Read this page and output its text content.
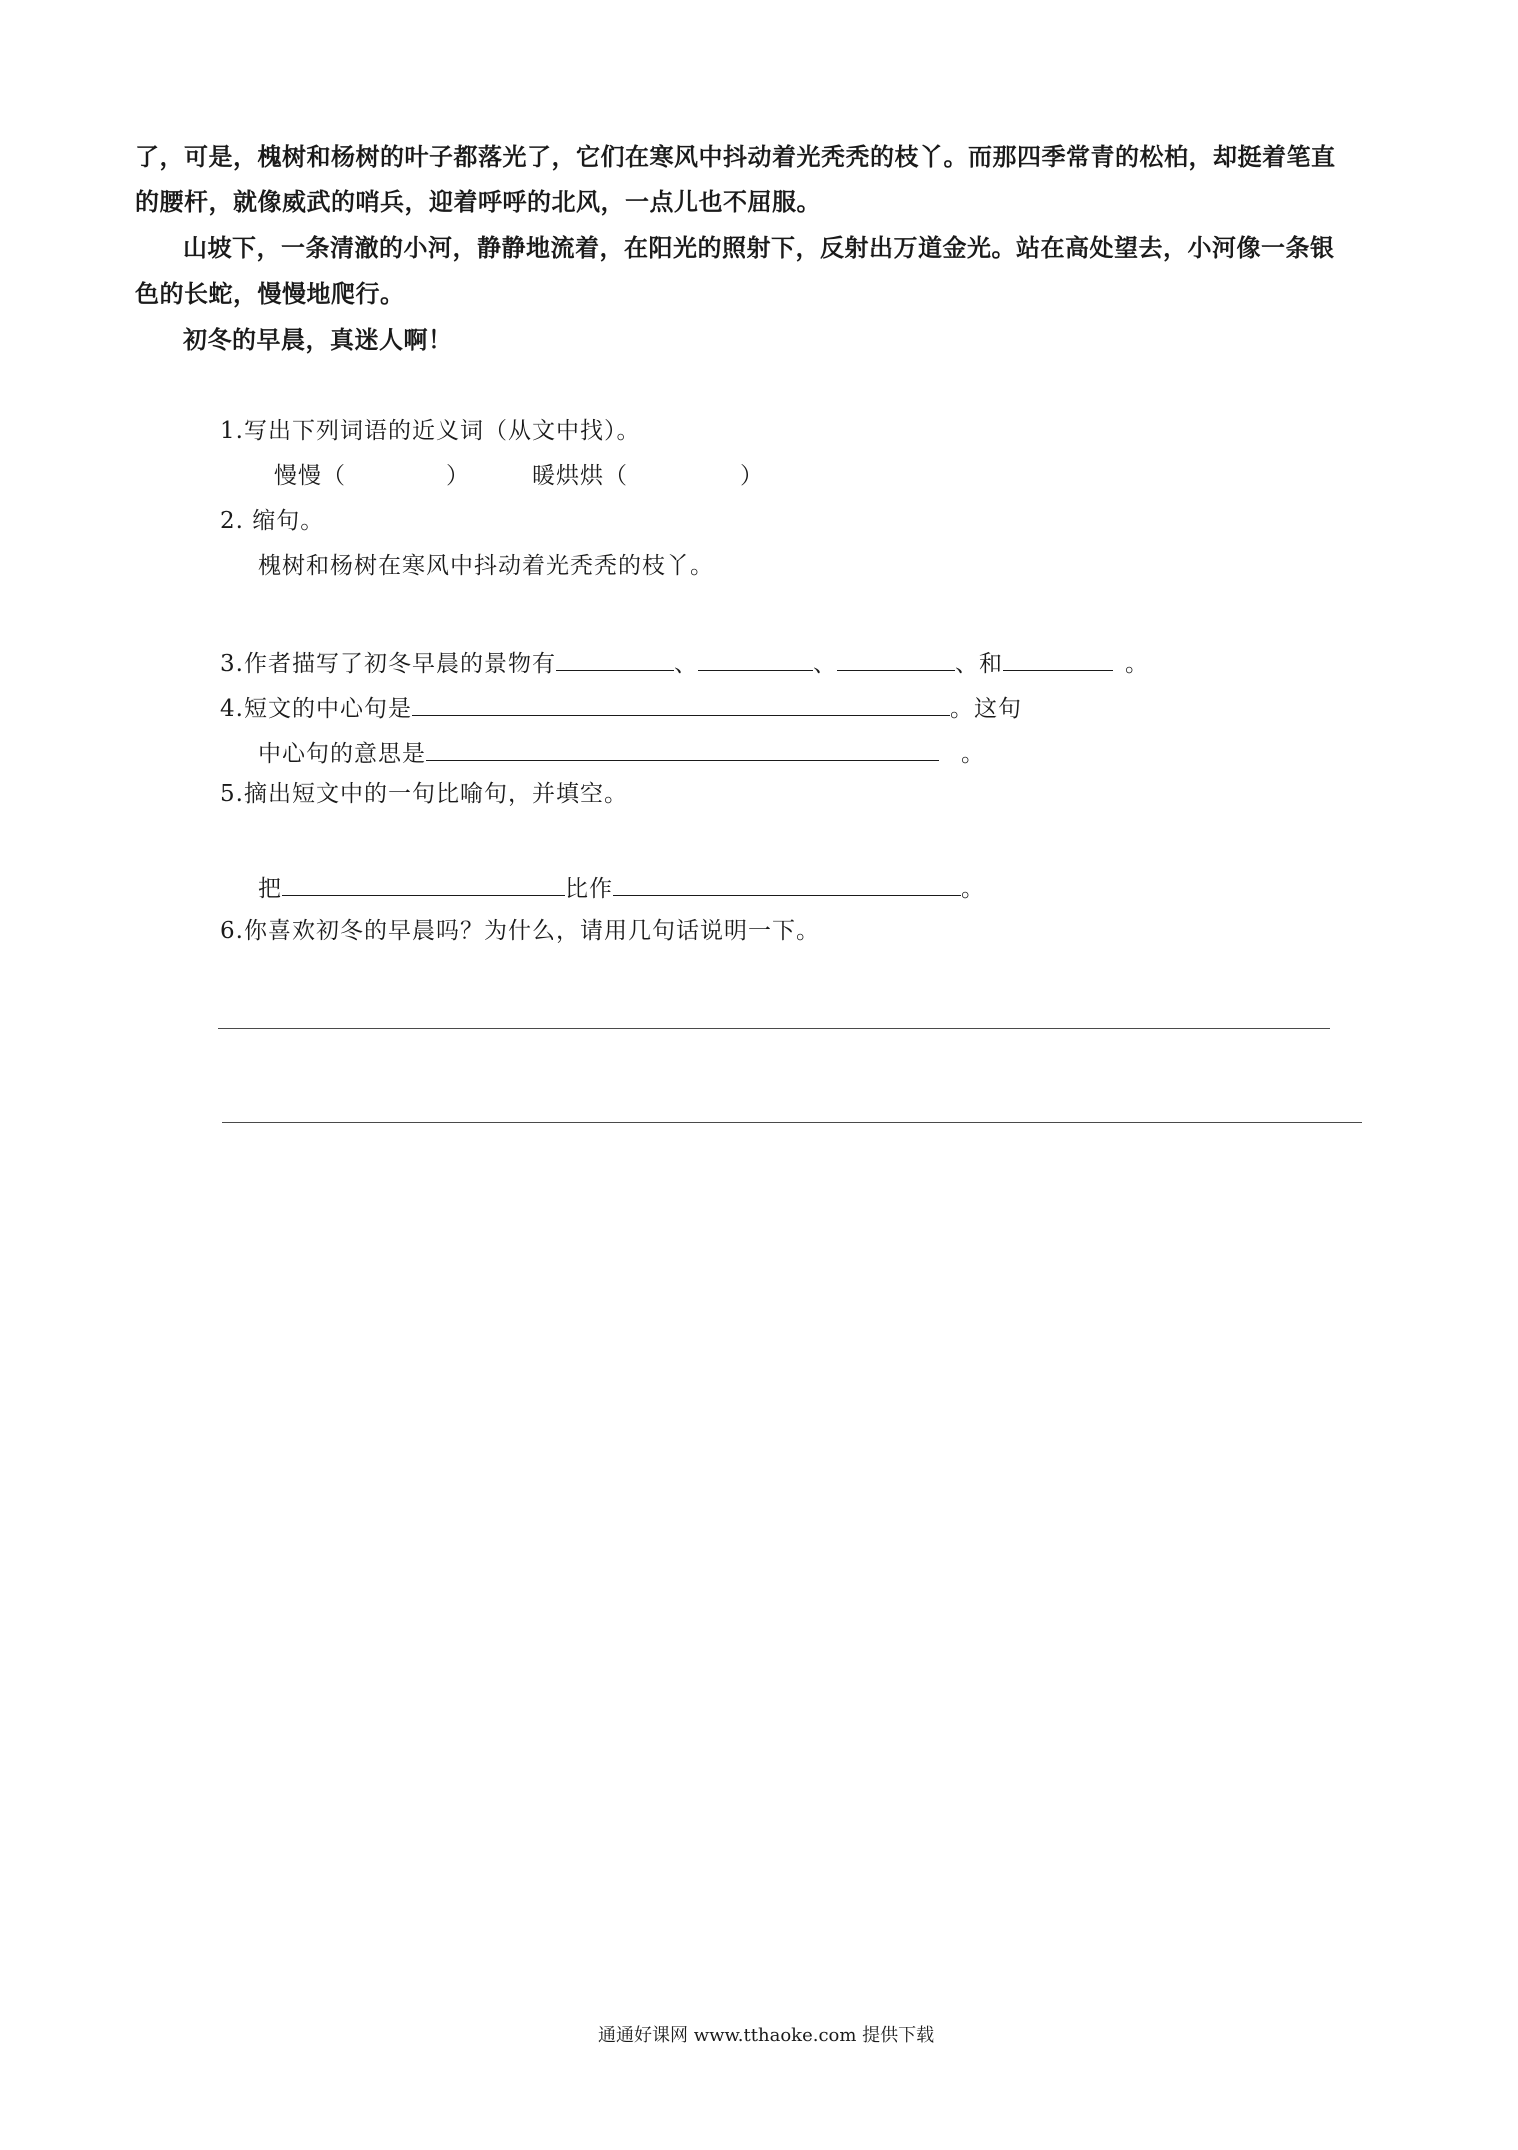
了，可是，槐树和杨树的叶子都落光了，它们在寒风中抖动着光秃秃的枝丫。而那四季常青的松柏，却挺着笔直
的腰杆，就像威武的哨兵，迎着呼呼的北风，一点儿也不屈服。
山坡下，一条清澈的小河，静静地流着，在阳光的照射下，反射出万道金光。站在高处望去，小河像一条银
色的长蛇，慢慢地爬行。
初冬的早晨，真迷人啊！
1.写出下列词语的近义词（从文中找）。
慢慢（	）	暖烘烘（	）
2. 缩句。
槐树和杨树在寒风中抖动着光秃秃的枝丫。
3.作者描写了初冬早晨的景物有	、	、	、和	。
4.短文的中心句是	。这句
中心句的意思是	。
5.摘出短文中的一句比喻句，并填空。
把	比作	。
6.你喜欢初冬的早晨吗？为什么，请用几句话说明一下。
通通好课网 www.tthaoke.com 提供下载
